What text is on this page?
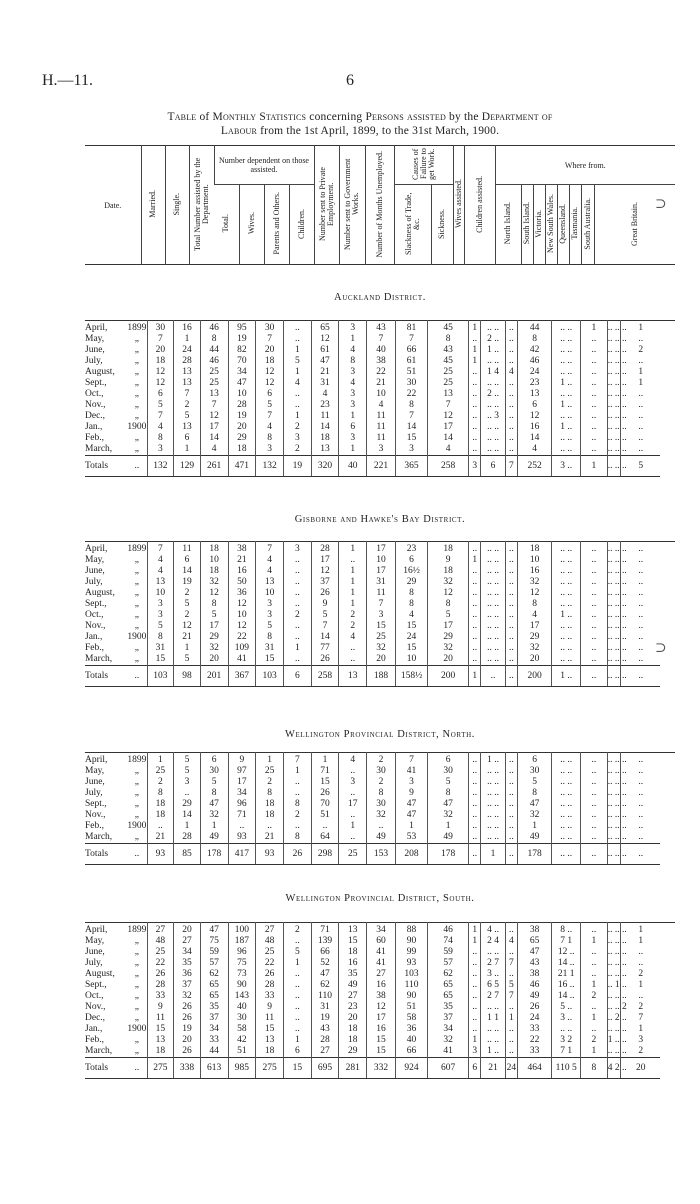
H.—11.	6
Table of Monthly Statistics concerning Persons assisted by the Department of
Labour from the 1st April, 1899, to the 31st March, 1900.
⊃
⊃
Date.	Married.	Single.	Total Number assisted by the Department.	Number dependent on those assisted.				Number sent to Private Employment.	Number sent to Government Works.	Number of Months Unemployed.	Causes of Failure to get Work.		Wives assisted.	Children assisted.	Where from.							
				Total.	Wives.	Parents and Others.	Children.				Slackness of Trade, &c.	Sickness.			North Island.	South Island.	Victoria.	New South Wales.	Queensland.	Tasmania.	South Australia.	Great Britain.
Auckland District.
April,	1899	30	16	46	95	30	..	65	3	43	81	45	1	.. ..	..	44	.. ..	1	.. .. ..	1
May,	„	7	1	8	19	7	..	12	1	7	7	8	..	2 ..	..	8	.. ..	..	.. .. ..	..
June,	„	20	24	44	82	20	1	61	4	40	66	43	1	1 ..	..	42	.. ..	..	.. .. ..	2
July,	„	18	28	46	70	18	5	47	8	38	61	45	1	.. ..	..	46	.. ..	..	.. .. ..	..
August,	„	12	13	25	34	12	1	21	3	22	51	25	..	1 4	4	24	.. ..	..	.. .. ..	1
Sept.,	„	12	13	25	47	12	4	31	4	21	30	25	..	.. ..	..	23	1 ..	..	.. .. ..	1
Oct.,	„	6	7	13	10	6	..	4	3	10	22	13	..	2 ..	..	13	.. ..	..	.. .. ..	..
Nov.,	„	5	2	7	28	5	..	23	3	4	8	7	..	.. ..	..	6	1 ..	..	.. .. ..	..
Dec.,	„	7	5	12	19	7	1	11	1	11	7	12	..	.. 3	..	12	.. ..	..	.. .. ..	..
Jan.,	1900	4	13	17	20	4	2	14	6	11	14	17	..	.. ..	..	16	1 ..	..	.. .. ..	..
Feb.,	„	8	6	14	29	8	3	18	3	11	15	14	..	.. ..	..	14	.. ..	..	.. .. ..	..
March,	„	3	1	4	18	3	2	13	1	3	3	4	..	.. ..	..	4	.. ..	..	.. .. ..	..
Totals	..	132	129	261	471	132	19	320	40	221	365	258	3	6	7	252	3 ..	1	.. .. ..	5
Gisborne and Hawke's Bay District.
April,	1899	7	11	18	38	7	3	28	1	17	23	18	..	.. ..	..	18	.. ..	..	.. .. ..	..
May,	„	4	6	10	21	4	..	17	..	10	6	9	1	.. ..	..	10	.. ..	..	.. .. ..	..
June,	„	4	14	18	16	4	..	12	1	17	16½	18	..	.. ..	..	16	.. ..	..	.. .. ..	..
July,	„	13	19	32	50	13	..	37	1	31	29	32	..	.. ..	..	32	.. ..	..	.. .. ..	..
August,	„	10	2	12	36	10	..	26	1	11	8	12	..	.. ..	..	12	.. ..	..	.. .. ..	..
Sept.,	„	3	5	8	12	3	..	9	1	7	8	8	..	.. ..	..	8	.. ..	..	.. .. ..	..
Oct.,	„	3	2	5	10	3	2	5	2	3	4	5	..	.. ..	..	4	1 ..	..	.. .. ..	..
Nov.,	„	5	12	17	12	5	..	7	2	15	15	17	..	.. ..	..	17	.. ..	..	.. .. ..	..
Jan.,	1900	8	21	29	22	8	..	14	4	25	24	29	..	.. ..	..	29	.. ..	..	.. .. ..	..
Feb.,	„	31	1	32	109	31	1	77	..	32	15	32	..	.. ..	..	32	.. ..	..	.. .. ..	..
March,	„	15	5	20	41	15	..	26	..	20	10	20	..	.. ..	..	20	.. ..	..	.. .. ..	..
Totals	..	103	98	201	367	103	6	258	13	188	158½	200	1	..	..	200	1 ..	..	.. .. ..	..
Wellington Provincial District, North.
April,	1899	1	5	6	9	1	7	1	4	2	7	6	..	1 ..	..	6	.. ..	..	.. .. ..	..
May,	„	25	5	30	97	25	1	71	..	30	41	30	..	.. ..	..	30	.. ..	..	.. .. ..	..
June,	„	2	3	5	17	2	..	15	3	2	3	5	..	.. ..	..	5	.. ..	..	.. .. ..	..
July,	„	8	..	8	34	8	..	26	..	8	9	8	..	.. ..	..	8	.. ..	..	.. .. ..	..
Sept.,	„	18	29	47	96	18	8	70	17	30	47	47	..	.. ..	..	47	.. ..	..	.. .. ..	..
Nov.,	„	18	14	32	71	18	2	51	..	32	47	32	..	.. ..	..	32	.. ..	..	.. .. ..	..
Feb.,	1900	..	1	1	..	..	..	..	1	..	1	1	..	.. ..	..	1	.. ..	..	.. .. ..	..
March,	„	21	28	49	93	21	8	64	..	49	53	49	..	.. ..	..	49	.. ..	..	.. .. ..	..
Totals	..	93	85	178	417	93	26	298	25	153	208	178	..	1	..	178	.. ..	..	.. .. ..	..
Wellington Provincial District, South.
April,	1899	27	20	47	100	27	2	71	13	34	88	46	1	4 ..	..	38	8 ..	..	.. .. ..	1
May,	„	48	27	75	187	48	..	139	15	60	90	74	1	2 4	4	65	7 1	1	.. .. ..	1
June,	„	25	34	59	96	25	5	66	18	41	99	59	..	.. ..	..	47	12 ..	..	.. .. ..	..
July,	„	22	35	57	75	22	1	52	16	41	93	57	..	2 7	7	43	14 ..	..	.. .. ..	..
August,	„	26	36	62	73	26	..	47	35	27	103	62	..	3 ..	..	38	21 1	..	.. .. ..	2
Sept.,	„	28	37	65	90	28	..	62	49	16	110	65	..	6 5	5	46	16 ..	1	.. 1 ..	1
Oct.,	„	33	32	65	143	33	..	110	27	38	90	65	..	2 7	7	49	14 ..	2	.. .. ..	..
Nov.,	„	9	26	35	40	9	..	31	23	12	51	35	..	.. ..	..	26	5 ..	..	.. .. 2	2
Dec.,	„	11	26	37	30	11	..	19	20	17	58	37	..	1 1	1	24	3 ..	1	.. 2 ..	7
Jan.,	1900	15	19	34	58	15	..	43	18	16	36	34	..	.. ..	..	33	.. ..	..	.. .. ..	1
Feb.,	„	13	20	33	42	13	1	28	18	15	40	32	1	.. ..	..	22	3 2	2	1 .. ..	3
March,	„	18	26	44	51	18	6	27	29	15	66	41	3	1 ..	..	33	7 1	1	.. .. ..	2
Totals	..	275	338	613	985	275	15	695	281	332	924	607	6	21	24	464	110 5	8	4 2 ..	20
